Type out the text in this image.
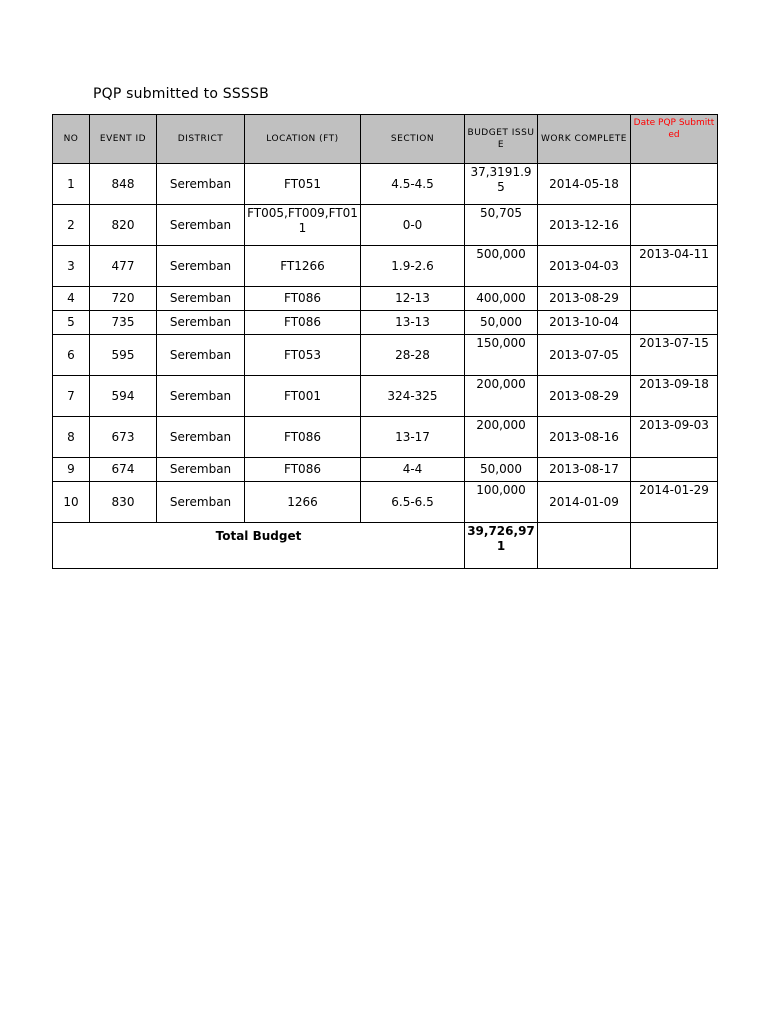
PQP submitted to SSSSB
NO	EVENT ID	DISTRICT	LOCATION (FT)	SECTION	BUDGET ISSUE	WORK COMPLETE	Date PQP Submitted
1	848	Seremban	FT051	4.5-4.5	37,3191.95	2014-05-18	
2	820	Seremban	FT005,FT009,FT011	0-0	50,705	2013-12-16	
3	477	Seremban	FT1266	1.9-2.6	500,000	2013-04-03	2013-04-11
4	720	Seremban	FT086	12-13	400,000	2013-08-29	
5	735	Seremban	FT086	13-13	50,000	2013-10-04	
6	595	Seremban	FT053	28-28	150,000	2013-07-05	2013-07-15
7	594	Seremban	FT001	324-325	200,000	2013-08-29	2013-09-18
8	673	Seremban	FT086	13-17	200,000	2013-08-16	2013-09-03
9	674	Seremban	FT086	4-4	50,000	2013-08-17	
10	830	Seremban	1266	6.5-6.5	100,000	2014-01-09	2014-01-29
Total Budget					39,726,971		
